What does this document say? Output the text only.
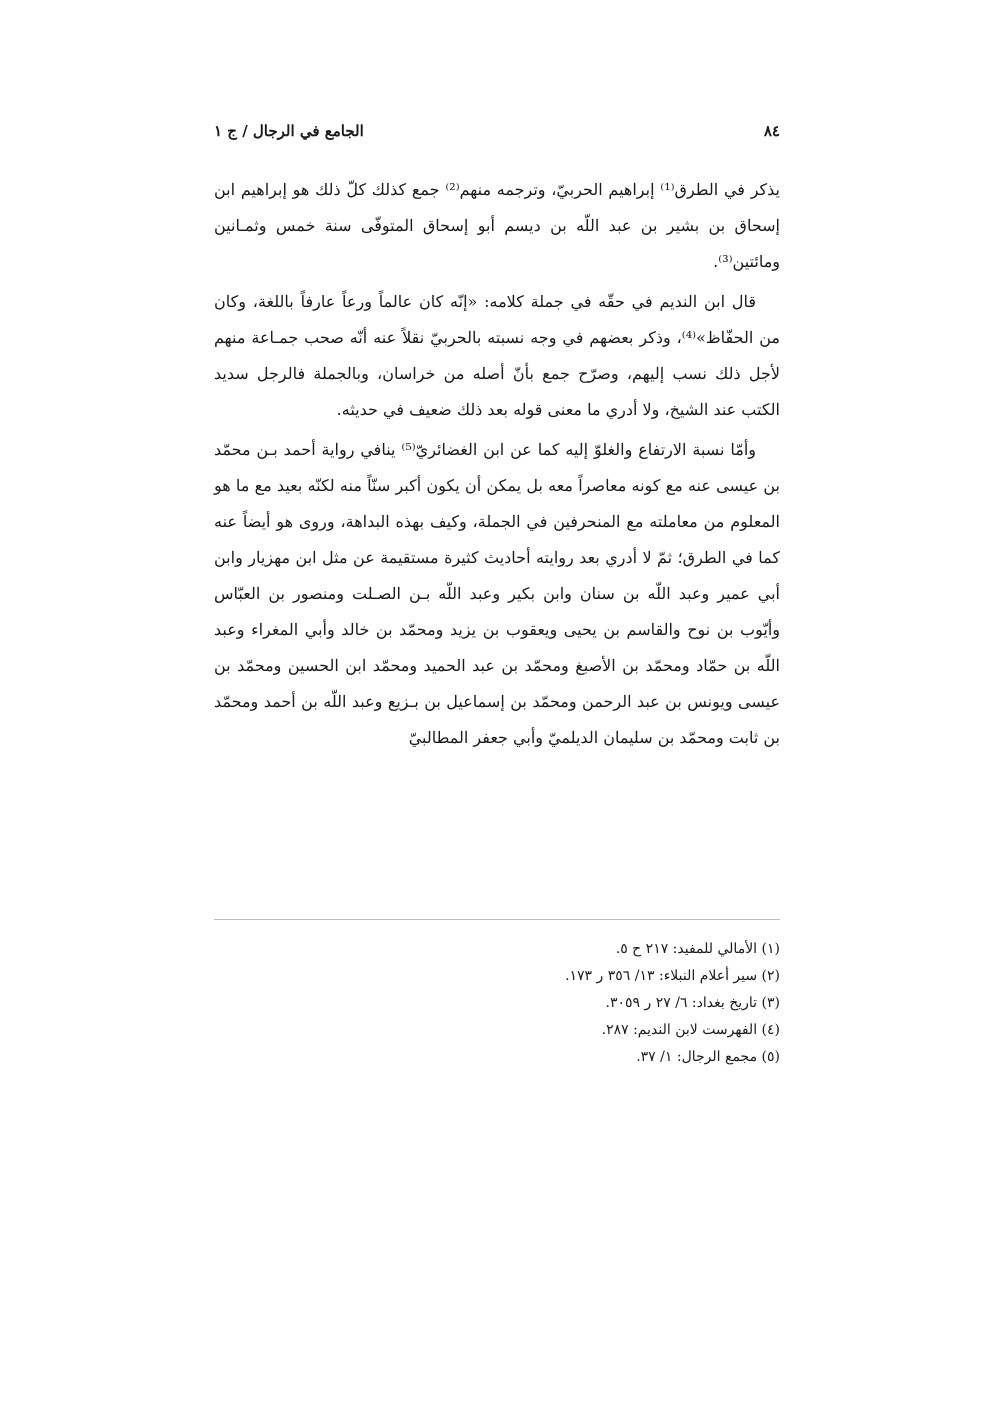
٨٤
الجامع في الرجال / ج ١

يذكر في الطرق⁽¹⁾ إبراهيم الحربيّ، وترجمه منهم⁽²⁾ جمع كذلك كلّ ذلك هو إبراهيم ابن إسحاق بن بشير بن عبد اللّه بن ديسم أبو إسحاق المتوفّى سنة خمس وثمـانين ومائتين⁽³⁾.

قال ابن النديم في حقّه في جملة كلامه: «إنّه كان عالماً ورعاً عارفاً باللغة، وكان من الحفّاظ»⁽⁴⁾، وذكر بعضهم في وجه نسبته بالحربيّ نقلاً عنه أنّه صحب جمـاعة منهم لأجل ذلك نسب إليهم، وصرّح جمع بأنّ أصله من خراسان، وبالجملة فالرجل سديد الكتب عند الشيخ، ولا أدري ما معنى قوله بعد ذلك ضعيف في حديثه.

وأمّا نسبة الارتفاع والغلوّ إليه كما عن ابن الغضائريّ⁽⁵⁾ ينافي رواية أحمد بـن محمّد بن عيسى عنه مع كونه معاصراً معه بل يمكن أن يكون أكبر سنّاً منه لكنّه بعيد مع ما هو المعلوم من معاملته مع المنحرفين في الجملة، وكيف بهذه البداهة، وروى هو أيضاً عنه كما في الطرق؛ ثمّ لا أدري بعد روايته أحاديث كثيرة مستقيمة عن مثل ابن مهزيار وابن أبي عمير وعبد اللّه بن سنان وابن بكير وعبد اللّه بـن الصـلت ومنصور بن العبّاس وأيّوب بن نوح والقاسم بن يحيى ويعقوب بن يزيد ومحمّد بن خالد وأبي المغراء وعبد اللّه بن حمّاد ومحمّد بن الأصبغ ومحمّد بن عبد الحميد ومحمّد ابن الحسين ومحمّد بن عيسى ويونس بن عبد الرحمن ومحمّد بن إسماعيل بن بـزيع وعبد اللّه بن أحمد ومحمّد بن ثابت ومحمّد بن سليمان الديلميّ وأبي جعفر المطالبيّ

(١) الأمالي للمفيد: ٢١٧ ح ٥.
(٢) سير أعلام النبلاء: ١٣/ ٣٥٦ ر ١٧٣.
(٣) تاريخ بغداد: ٦/ ٢٧ ر ٣٠٥٩.
(٤) الفهرست لابن النديم: ٢٨٧.
(٥) مجمع الرجال: ١/ ٣٧.
